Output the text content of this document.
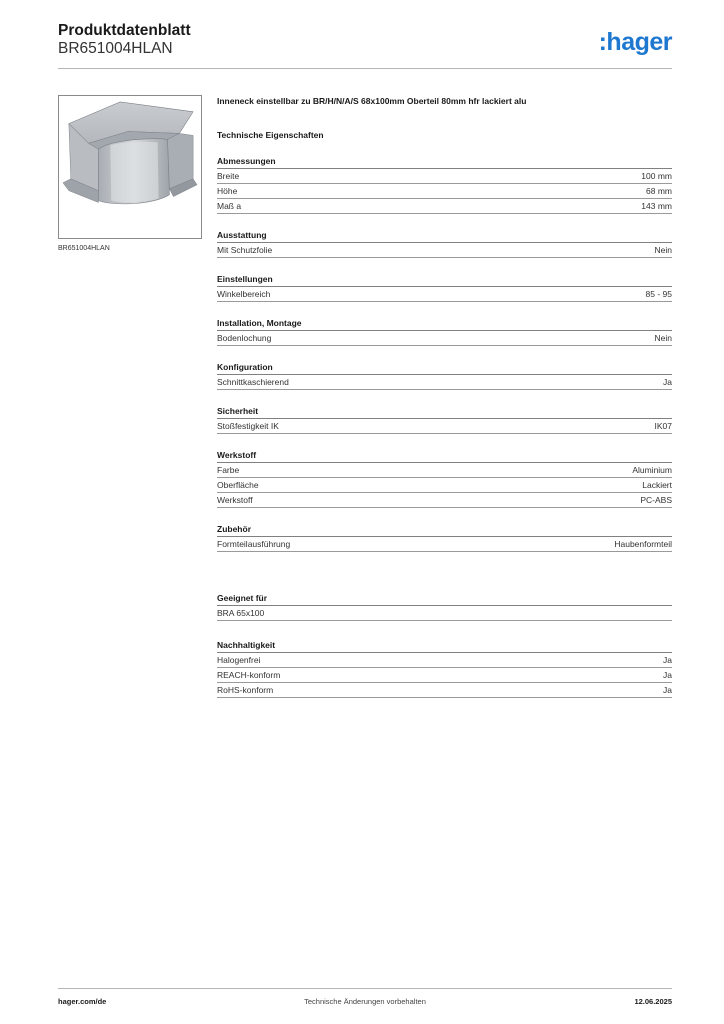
Produktdatenblatt
BR651004HLAN	:hager
BR651004HLAN
Inneneck einstellbar zu BR/H/N/A/S 68x100mm Oberteil 80mm hfr lackiert alu
Technische Eigenschaften
Abmessungen
Breite	100 mm
Höhe	68 mm
Maß a	143 mm
Ausstattung
Mit Schutzfolie	Nein
Einstellungen
Winkelbereich	85 - 95
Installation, Montage
Bodenlochung	Nein
Konfiguration
Schnittkaschierend	Ja
Sicherheit
Stoßfestigkeit IK	IK07
Werkstoff
Farbe	Aluminium
Oberfläche	Lackiert
Werkstoff	PC-ABS
Zubehör
Formteilausführung	Haubenformteil
Geeignet für
BRA 65x100
Nachhaltigkeit
Halogenfrei	Ja
REACH-konform	Ja
RoHS-konform	Ja
Technische Änderungen vorbehalten
hager.com/de	12.06.2025
